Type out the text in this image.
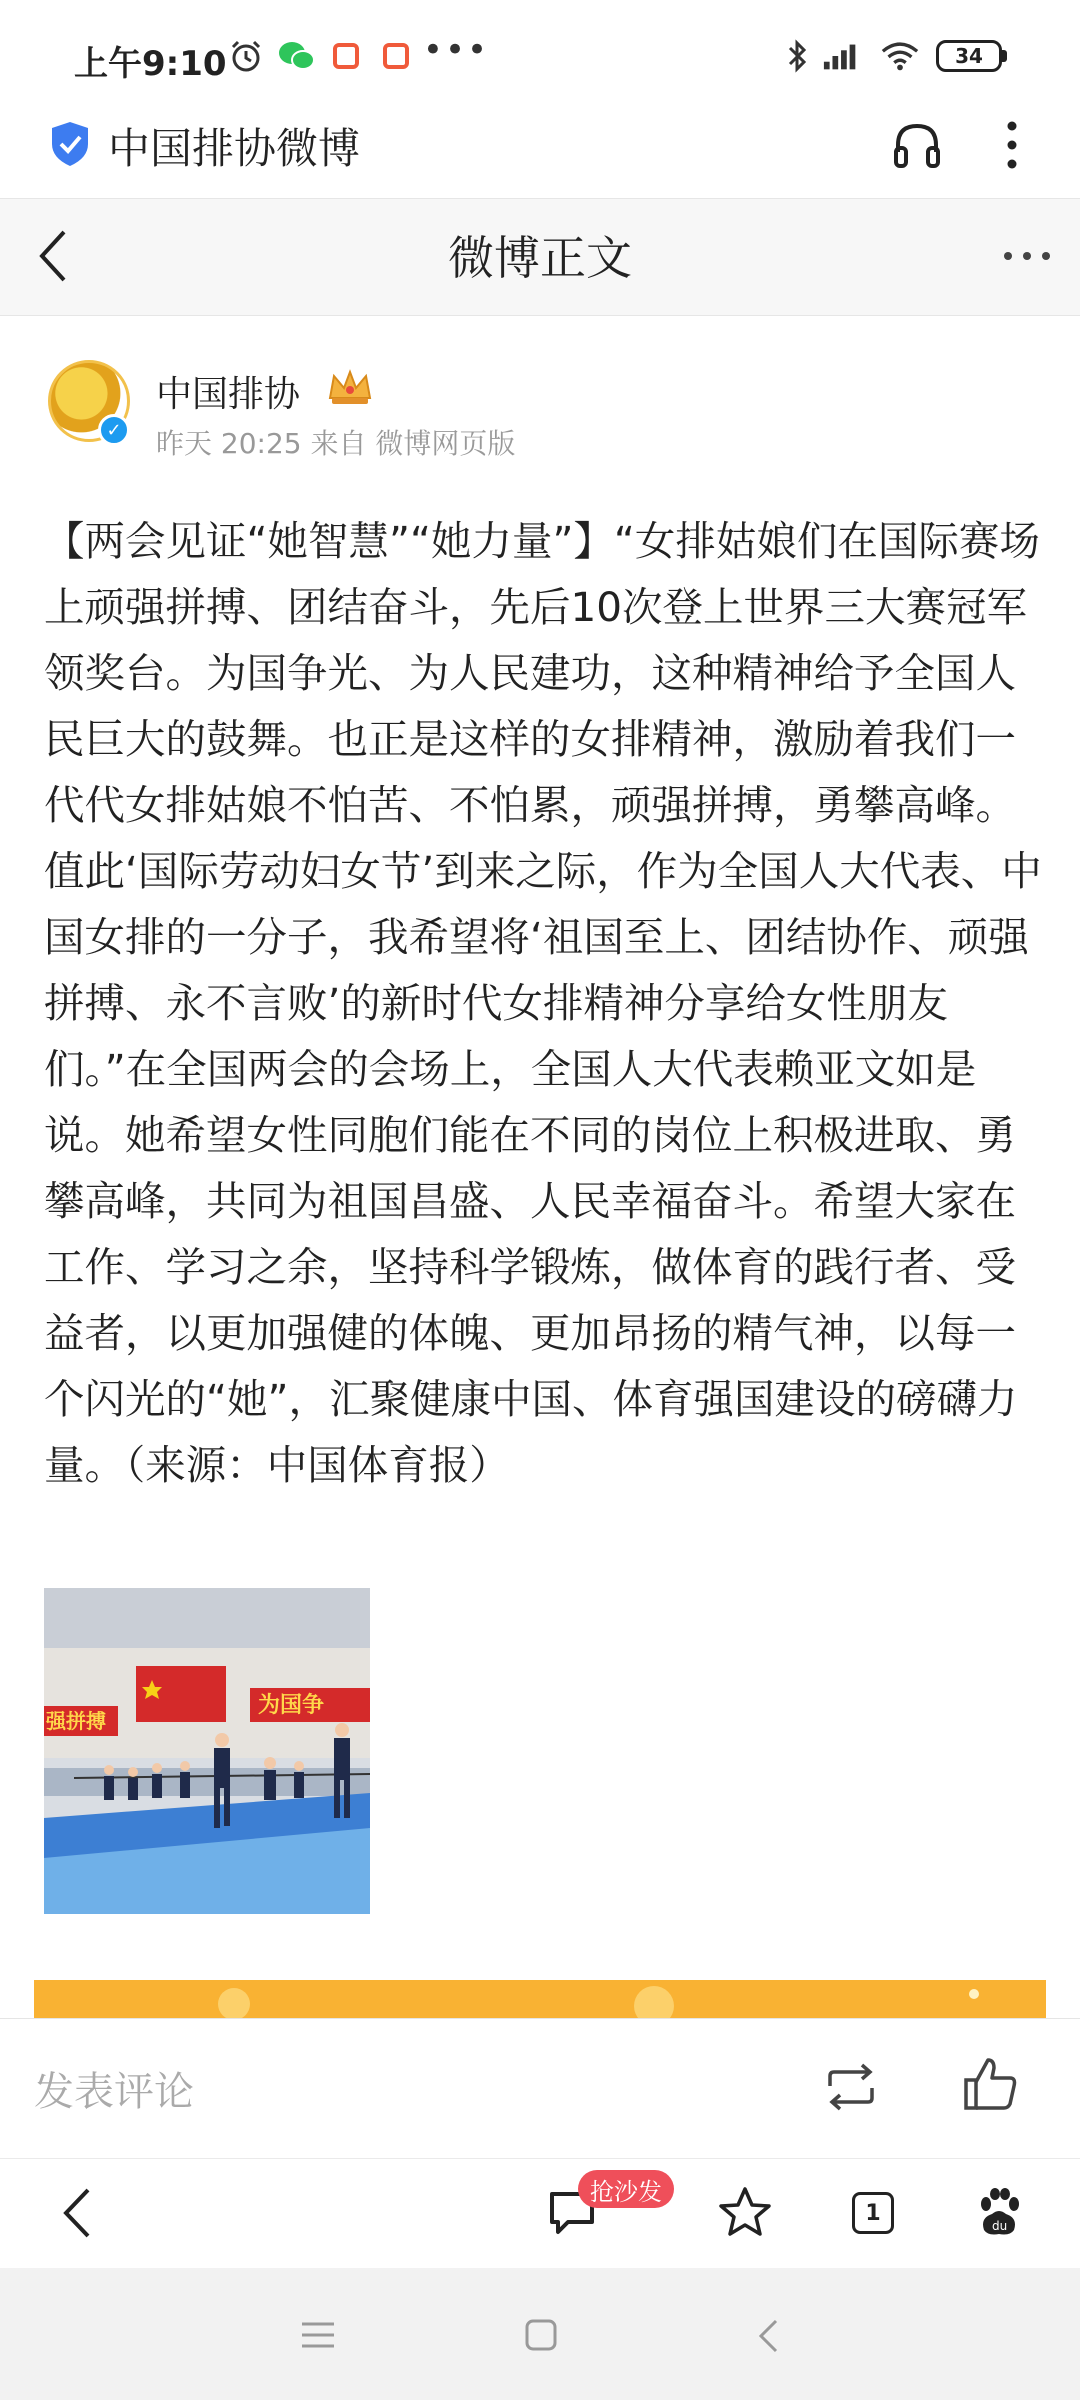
上午9:10	•••	34
中国排协微博
微博正文
✓
中国排协
昨天 20:25 来自 微博网页版
【两会见证“她智慧”“她力量”】“女排姑娘们在国际赛场上顽强拼搏、团结奋斗，先后10次登上世界三大赛冠军领奖台。为国争光、为人民建功，这种精神给予全国人民巨大的鼓舞。也正是这样的女排精神，激励着我们一代代女排姑娘不怕苦、不怕累，顽强拼搏，勇攀高峰。值此‘国际劳动妇女节’到来之际，作为全国人大代表、中国女排的一分子，我希望将‘祖国至上、团结协作、顽强拼搏、永不言败’的新时代女排精神分享给女性朋友们。”在全国两会的会场上，全国人大代表赖亚文如是说。她希望女性同胞们能在不同的岗位上积极进取、勇攀高峰，共同为祖国昌盛、人民幸福奋斗。希望大家在工作、学习之余，坚持科学锻炼，做体育的践行者、受益者，以更加强健的体魄、更加昂扬的精气神，以每一个闪光的“她”，汇聚健康中国、体育强国建设的磅礴力量。（来源：中国体育报）
强拼搏
为国争
发表评论
抢沙发
1
du
